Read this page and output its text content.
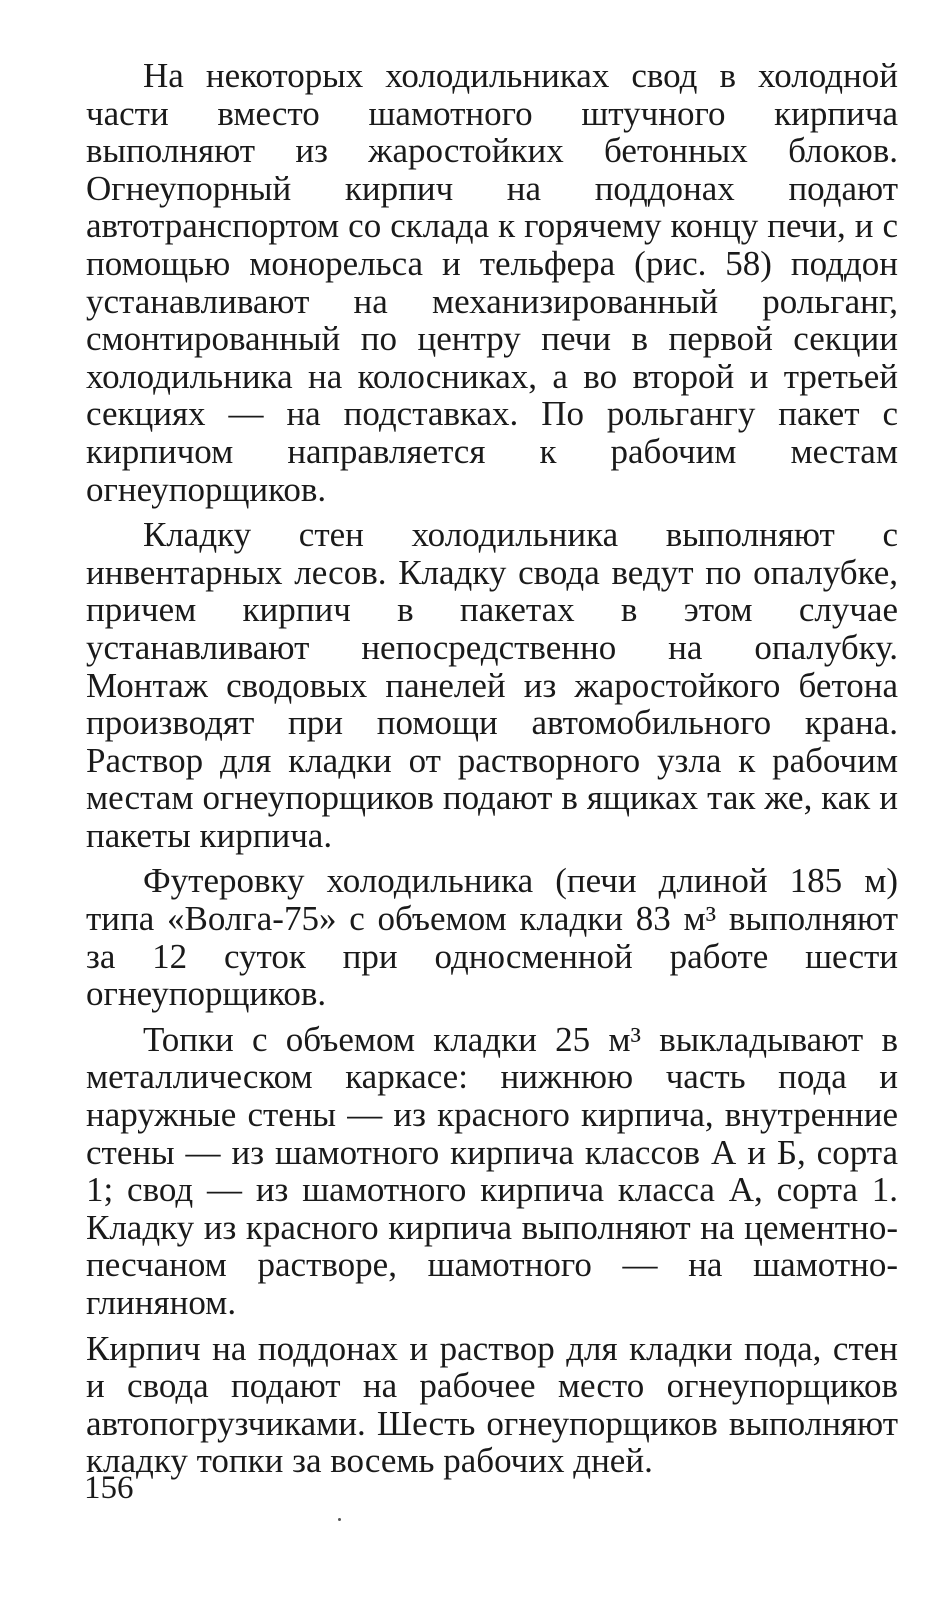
На некоторых холодильниках свод в холодной части вместо шамотного штучного кирпича выполняют из жаростойких бетонных блоков. Огнеупорный кирпич на поддонах подают автотранспортом со склада к горячему концу печи, и с помощью монорельса и тельфера (рис. 58) поддон устанавливают на механизированный рольганг, смонтированный по центру печи в первой секции холодильника на колосниках, а во второй и третьей секциях — на подставках. По рольгангу пакет с кирпичом направляется к рабочим местам огнеупорщиков.

Кладку стен холодильника выполняют с инвентарных лесов. Кладку свода ведут по опалубке, причем кирпич в пакетах в этом случае устанавливают непосредственно на опалубку. Монтаж сводовых панелей из жаростойкого бетона производят при помощи автомобильного крана. Раствор для кладки от растворного узла к рабочим местам огнеупорщиков подают в ящиках так же, как и пакеты кирпича.

Футеровку холодильника (печи длиной 185 м) типа «Волга-75» с объемом кладки 83 м³ выполняют за 12 суток при односменной работе шести огнеупорщиков.

Топки с объемом кладки 25 м³ выкладывают в металлическом каркасе: нижнюю часть пода и наружные стены — из красного кирпича, внутренние стены — из шамотного кирпича классов А и Б, сорта 1; свод — из шамотного кирпича класса А, сорта 1. Кладку из красного кирпича выполняют на цементно-песчаном растворе, шамотного — на шамотно-глиняном.

Кирпич на поддонах и раствор для кладки пода, стен и свода подают на рабочее место огнеупорщиков автопогрузчиками. Шесть огнеупорщиков выполняют кладку топки за восемь рабочих дней.

156
